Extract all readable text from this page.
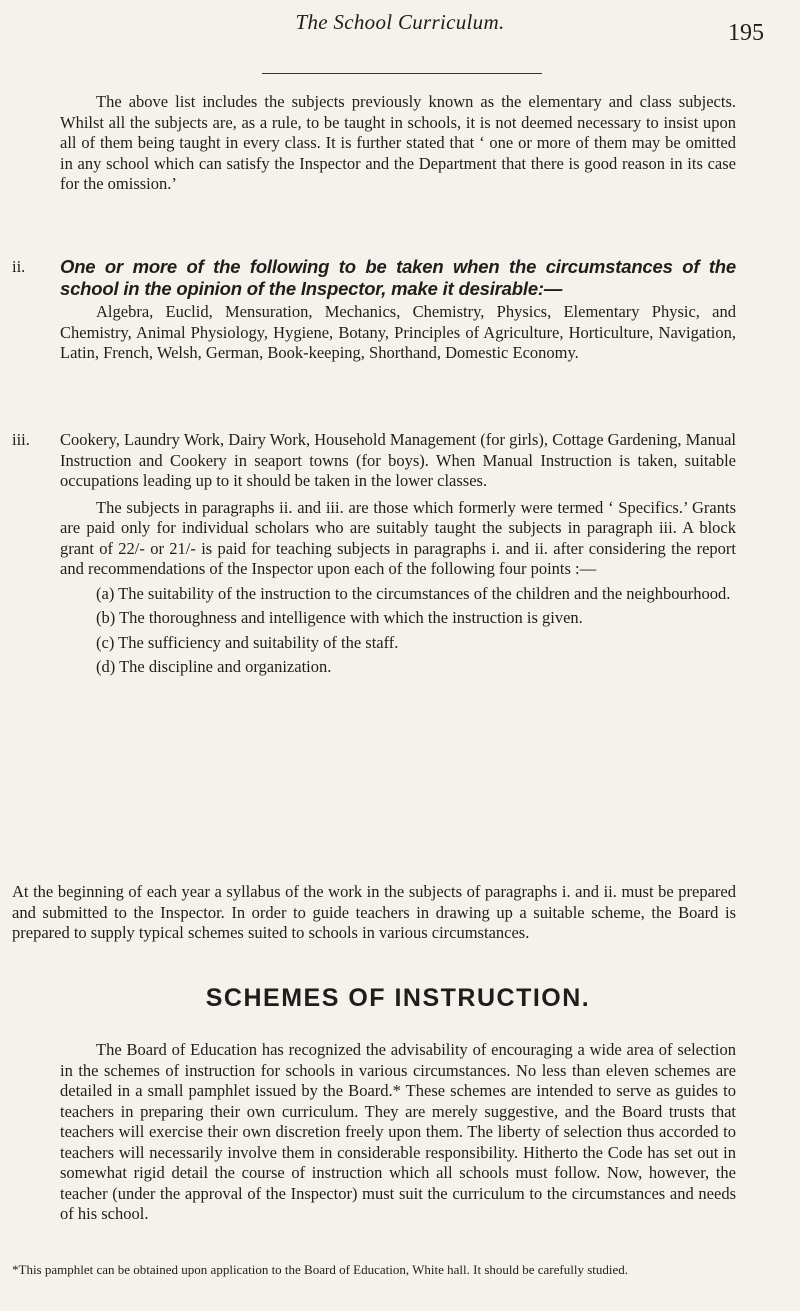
The School Curriculum.	195

The above list includes the subjects previously known as the elementary and class subjects. Whilst all the subjects are, as a rule, to be taught in schools, it is not deemed necessary to insist upon all of them being taught in every class. It is further stated that ‘ one or more of them may be omitted in any school which can satisfy the Inspector and the Department that there is good reason in its case for the omission.’

ii. One or more of the following to be taken when the circumstances of the school in the opinion of the Inspector, make it desirable:—

Algebra, Euclid, Mensuration, Mechanics, Chemistry, Physics, Elementary Physic, and Chemistry, Animal Physiology, Hygiene, Botany, Principles of Agriculture, Horticulture, Navigation, Latin, French, Welsh, German, Book-keeping, Shorthand, Domestic Economy.

iii. Cookery, Laundry Work, Dairy Work, Household Management (for girls), Cottage Gardening, Manual Instruction and Cookery in seaport towns (for boys). When Manual Instruction is taken, suitable occupations leading up to it should be taken in the lower classes.

The subjects in paragraphs ii. and iii. are those which formerly were termed ‘ Specifics.’ Grants are paid only for individual scholars who are suitably taught the subjects in paragraph iii. A block grant of 22/- or 21/- is paid for teaching subjects in paragraphs i. and ii. after considering the report and recommendations of the Inspector upon each of the following four points :—

(a) The suitability of the instruction to the circumstances of the children and the neighbourhood.

(b) The thoroughness and intelligence with which the instruction is given.

(c) The sufficiency and suitability of the staff.

(d) The discipline and organization.

At the beginning of each year a syllabus of the work in the subjects of paragraphs i. and ii. must be prepared and submitted to the Inspector. In order to guide teachers in drawing up a suitable scheme, the Board is prepared to supply typical schemes suited to schools in various circumstances.

SCHEMES OF INSTRUCTION.

The Board of Education has recognized the advisability of encouraging a wide area of selection in the schemes of instruction for schools in various circumstances. No less than eleven schemes are detailed in a small pamphlet issued by the Board.* These schemes are intended to serve as guides to teachers in preparing their own curriculum. They are merely suggestive, and the Board trusts that teachers will exercise their own discretion freely upon them. The liberty of selection thus accorded to teachers will necessarily involve them in considerable responsibility. Hitherto the Code has set out in somewhat rigid detail the course of instruction which all schools must follow. Now, however, the teacher (under the approval of the Inspector) must suit the curriculum to the circumstances and needs of his school.

*This pamphlet can be obtained upon application to the Board of Education, White hall. It should be carefully studied.
